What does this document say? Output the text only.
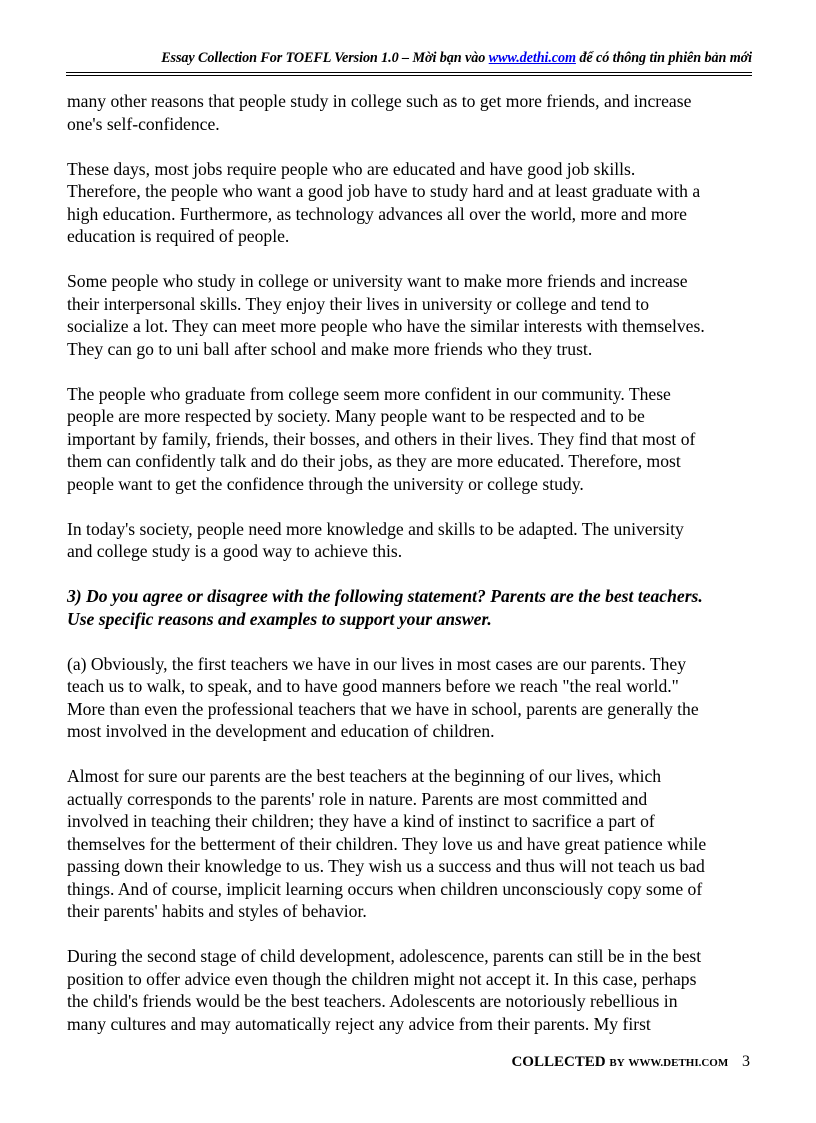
Essay Collection For TOEFL Version 1.0 – Mời bạn vào www.dethi.com để có thông tin phiên bản mới

many other reasons that people study in college such as to get more friends, and increase
one's self-confidence.

These days, most jobs require people who are educated and have good job skills.
Therefore, the people who want a good job have to study hard and at least graduate with a
high education. Furthermore, as technology advances all over the world, more and more
education is required of people.

Some people who study in college or university want to make more friends and increase
their interpersonal skills. They enjoy their lives in university or college and tend to
socialize a lot. They can meet more people who have the similar interests with themselves.
They can go to uni ball after school and make more friends who they trust.

The people who graduate from college seem more confident in our community. These
people are more respected by society. Many people want to be respected and to be
important by family, friends, their bosses, and others in their lives. They find that most of
them can confidently talk and do their jobs, as they are more educated. Therefore, most
people want to get the confidence through the university or college study.

In today's society, people need more knowledge and skills to be adapted. The university
and college study is a good way to achieve this.

3) Do you agree or disagree with the following statement? Parents are the best teachers.
Use specific reasons and examples to support your answer.

(a) Obviously, the first teachers we have in our lives in most cases are our parents. They
teach us to walk, to speak, and to have good manners before we reach "the real world."
More than even the professional teachers that we have in school, parents are generally the
most involved in the development and education of children.

Almost for sure our parents are the best teachers at the beginning of our lives, which
actually corresponds to the parents' role in nature. Parents are most committed and
involved in teaching their children; they have a kind of instinct to sacrifice a part of
themselves for the betterment of their children. They love us and have great patience while
passing down their knowledge to us. They wish us a success and thus will not teach us bad
things. And of course, implicit learning occurs when children unconsciously copy some of
their parents' habits and styles of behavior.

During the second stage of child development, adolescence, parents can still be in the best
position to offer advice even though the children might not accept it. In this case, perhaps
the child's friends would be the best teachers. Adolescents are notoriously rebellious in
many cultures and may automatically reject any advice from their parents. My first

COLLECTED BY WWW.DETHI.COM 3
